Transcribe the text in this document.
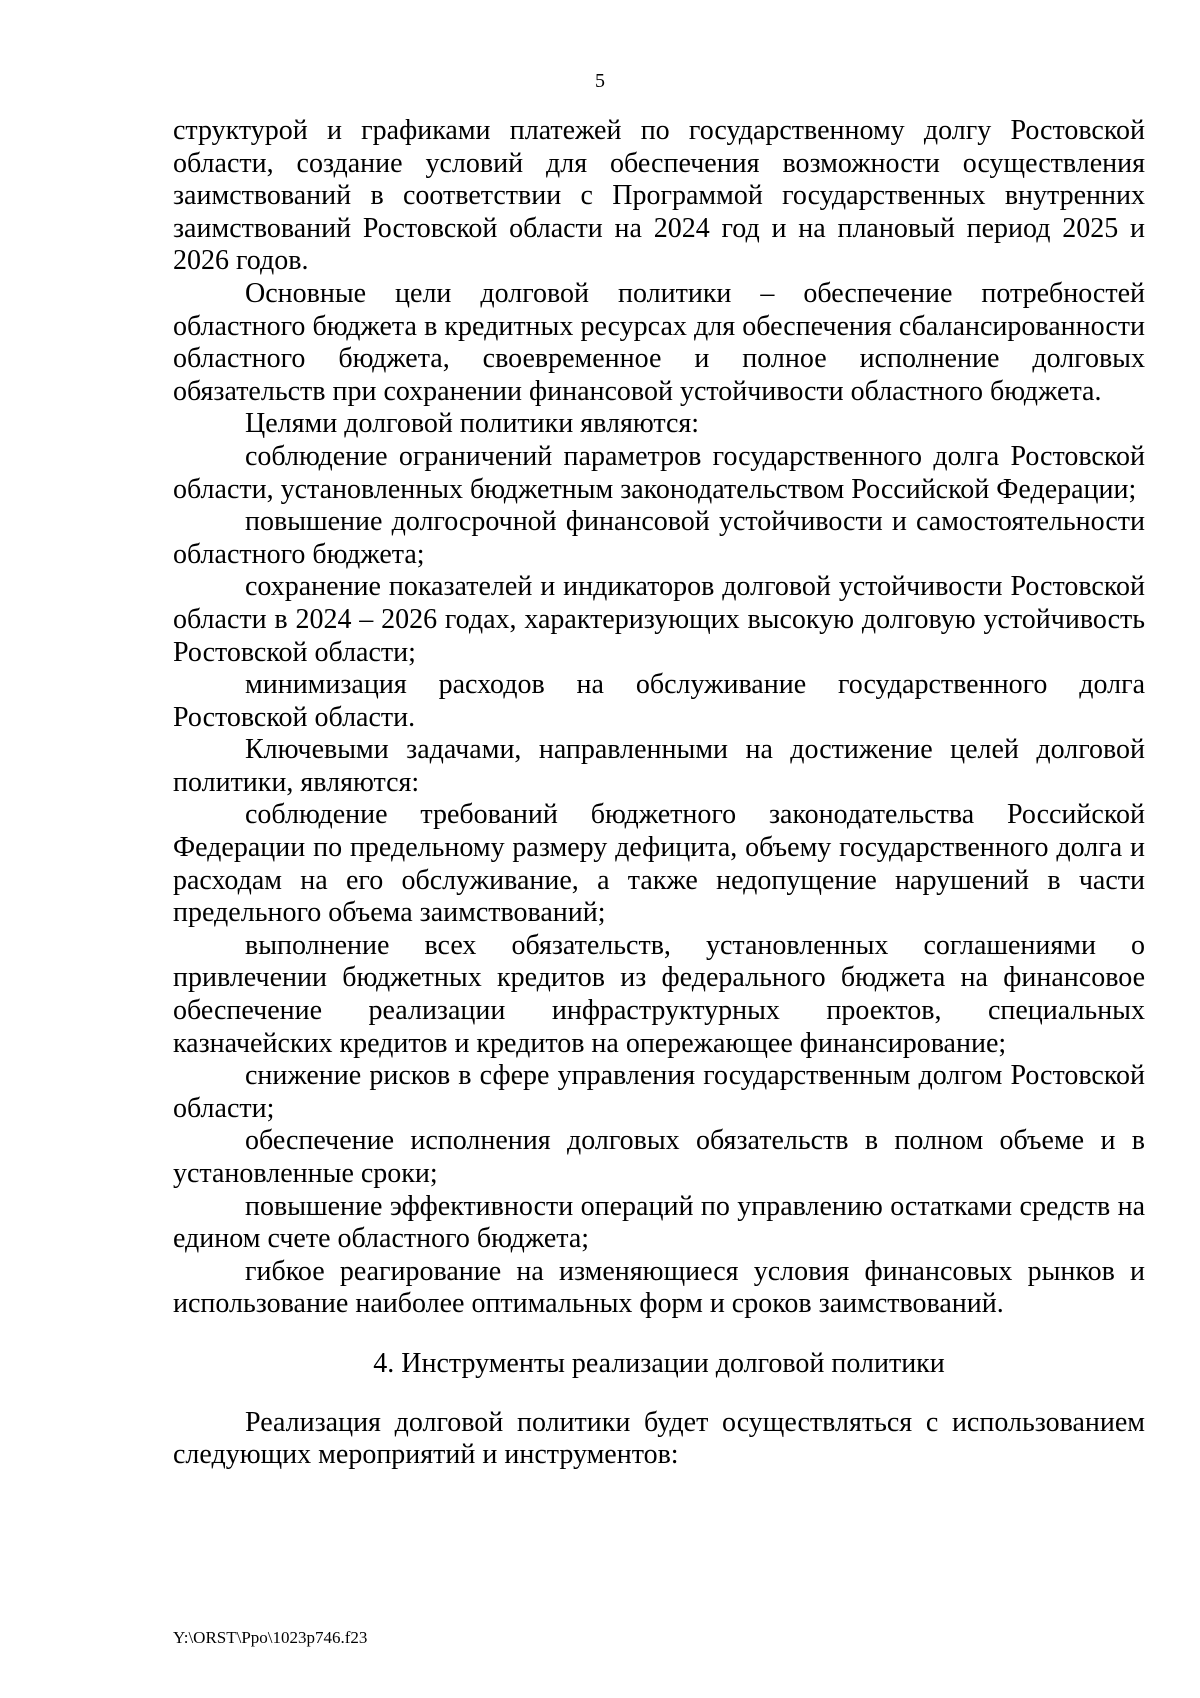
5

структурой и графиками платежей по государственному долгу Ростовской области, создание условий для обеспечения возможности осуществления заимствований в соответствии с Программой государственных внутренних заимствований Ростовской области на 2024 год и на плановый период 2025 и 2026 годов.

Основные цели долговой политики – обеспечение потребностей областного бюджета в кредитных ресурсах для обеспечения сбалансированности областного бюджета, своевременное и полное исполнение долговых обязательств при сохранении финансовой устойчивости областного бюджета.

Целями долговой политики являются:

соблюдение ограничений параметров государственного долга Ростовской области, установленных бюджетным законодательством Российской Федерации;

повышение долгосрочной финансовой устойчивости и самостоятельности областного бюджета;

сохранение показателей и индикаторов долговой устойчивости Ростовской области в 2024 – 2026 годах, характеризующих высокую долговую устойчивость Ростовской области;

минимизация расходов на обслуживание государственного долга Ростовской области.

Ключевыми задачами, направленными на достижение целей долговой политики, являются:

соблюдение требований бюджетного законодательства Российской Федерации по предельному размеру дефицита, объему государственного долга и расходам на его обслуживание, а также недопущение нарушений в части предельного объема заимствований;

выполнение всех обязательств, установленных соглашениями о привлечении бюджетных кредитов из федерального бюджета на финансовое обеспечение реализации инфраструктурных проектов, специальных казначейских кредитов и кредитов на опережающее финансирование;

снижение рисков в сфере управления государственным долгом Ростовской области;

обеспечение исполнения долговых обязательств в полном объеме и в установленные сроки;

повышение эффективности операций по управлению остатками средств на едином счете областного бюджета;

гибкое реагирование на изменяющиеся условия финансовых рынков и использование наиболее оптимальных форм и сроков заимствований.

4. Инструменты реализации долговой политики

Реализация долговой политики будет осуществляться с использованием следующих мероприятий и инструментов:

Y:\ORST\Ppo\1023p746.f23
